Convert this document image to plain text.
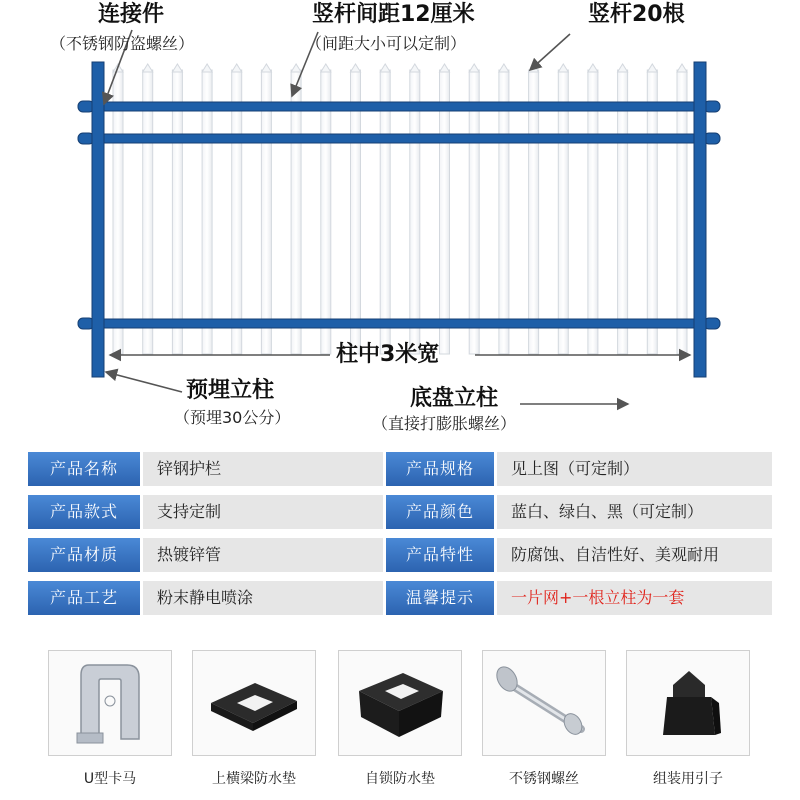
连接件
（不锈钢防盗螺丝）
竖杆间距12厘米
（间距大小可以定制）
竖杆20根
柱中3米宽
预埋立柱
（预埋30公分）
底盘立柱
（直接打膨胀螺丝）
产品名称	锌钢护栏	产品规格	见上图（可定制）
产品款式	支持定制	产品颜色	蓝白、绿白、黑（可定制）
产品材质	热镀锌管	产品特性	防腐蚀、自洁性好、美观耐用
产品工艺	粉末静电喷涂	温馨提示	一片网+一根立柱为一套
U型卡马	上横梁防水垫	自锁防水垫	不锈钢螺丝	组装用引子
